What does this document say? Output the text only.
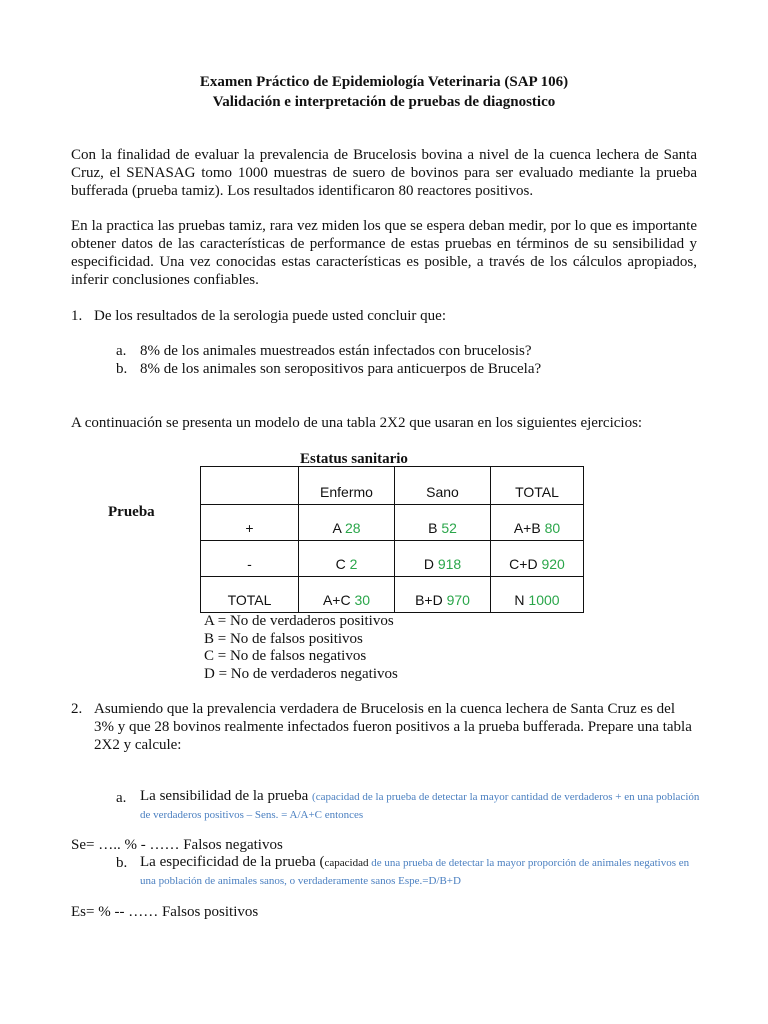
Examen Práctico de Epidemiología Veterinaria (SAP 106)
Validación e interpretación de pruebas de diagnostico
Con la finalidad de evaluar la prevalencia de Brucelosis bovina a nivel de la cuenca lechera de Santa Cruz, el SENASAG tomo 1000 muestras de suero de bovinos para ser evaluado mediante la prueba bufferada (prueba tamiz). Los resultados identificaron 80 reactores positivos.
En la practica las pruebas tamiz, rara vez miden los que se espera deban medir, por lo que es importante obtener datos de las características de performance de estas pruebas en términos de su sensibilidad y especificidad. Una vez conocidas estas características es posible, a través de los cálculos apropiados, inferir conclusiones confiables.
1. De los resultados de la serologia puede usted concluir que:
a. 8% de los animales muestreados están infectados con brucelosis?
b. 8% de los animales son seropositivos para anticuerpos de Brucela?
A continuación se presenta un modelo de una tabla 2X2 que usaran en los siguientes ejercicios:
Estatus sanitario
Prueba
	Enfermo	Sano	TOTAL
+	A 28	B 52	A+B 80
-	C 2	D 918	C+D 920
TOTAL	A+C 30	B+D 970	N 1000
A = No de verdaderos positivos
B = No de falsos positivos
C = No de falsos negativos
D = No de verdaderos negativos
2. Asumiendo que la prevalencia verdadera de Brucelosis en la cuenca lechera de Santa Cruz es del 3% y que 28 bovinos realmente infectados fueron positivos a la prueba bufferada. Prepare una tabla 2X2 y calcule:
a. La sensibilidad de la prueba (capacidad de la prueba de detectar la mayor cantidad de verdaderos + en una población de verdaderos positivos – Sens. = A/A+C entonces
Se= ….. % - …… Falsos negativos
b. La especificidad de la prueba (capacidad de una prueba de detectar la mayor proporción de animales negativos en una población de animales sanos, o verdaderamente sanos Espe.=D/B+D
Es= % -- …… Falsos positivos
